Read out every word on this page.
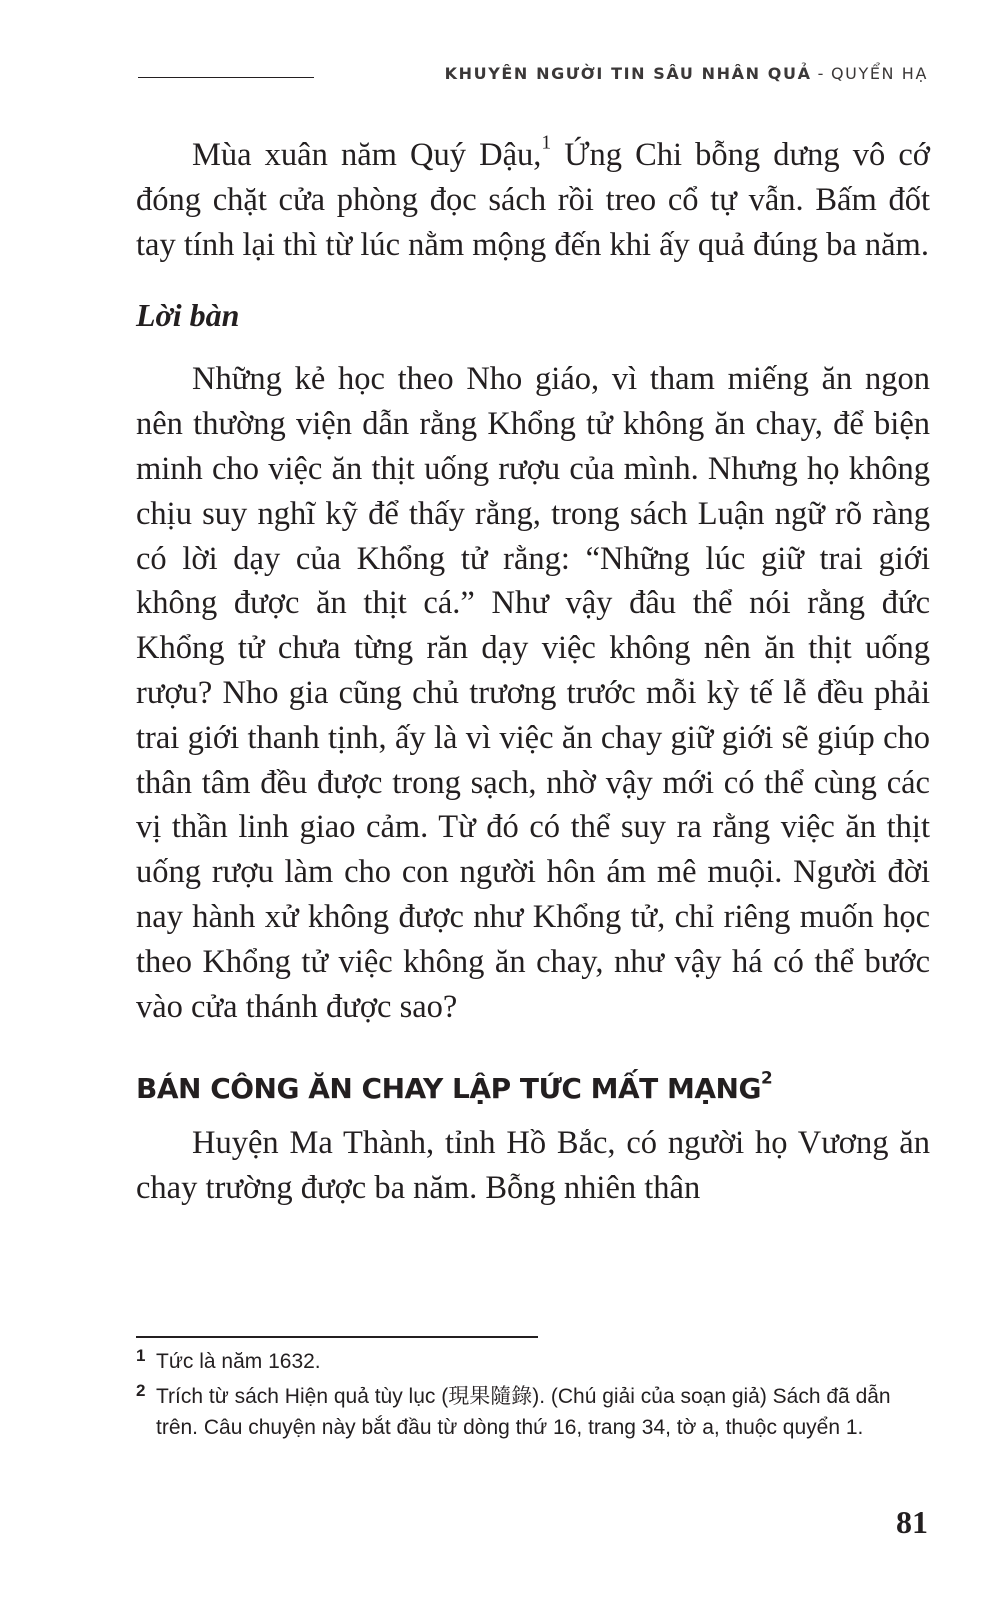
KHUYÊN NGƯỜI TIN SÂU NHÂN QUẢ - QUYỂN HẠ

Mùa xuân năm Quý Dậu,$^1$ Ứng Chi bỗng dưng vô cớ đóng chặt cửa phòng đọc sách rồi treo cổ tự vẫn. Bấm đốt tay tính lại thì từ lúc nằm mộng đến khi ấy quả đúng ba năm.

Lời bàn

Những kẻ học theo Nho giáo, vì tham miếng ăn ngon nên thường viện dẫn rằng Khổng tử không ăn chay, để biện minh cho việc ăn thịt uống rượu của mình. Nhưng họ không chịu suy nghĩ kỹ để thấy rằng, trong sách Luận ngữ rõ ràng có lời dạy của Khổng tử rằng: “Những lúc giữ trai giới không được ăn thịt cá.” Như vậy đâu thể nói rằng đức Khổng tử chưa từng răn dạy việc không nên ăn thịt uống rượu? Nho gia cũng chủ trương trước mỗi kỳ tế lễ đều phải trai giới thanh tịnh, ấy là vì việc ăn chay giữ giới sẽ giúp cho thân tâm đều được trong sạch, nhờ vậy mới có thể cùng các vị thần linh giao cảm. Từ đó có thể suy ra rằng việc ăn thịt uống rượu làm cho con người hôn ám mê muội. Người đời nay hành xử không được như Khổng tử, chỉ riêng muốn học theo Khổng tử việc không ăn chay, như vậy há có thể bước vào cửa thánh được sao?

BÁN CÔNG ĂN CHAY LẬP TỨC MẤT MẠNG$^2$

Huyện Ma Thành, tỉnh Hồ Bắc, có người họ Vương ăn chay trường được ba năm. Bỗng nhiên thân

1 Tức là năm 1632.
2 Trích từ sách Hiện quả tùy lục (現果隨錄). (Chú giải của soạn giả) Sách đã dẫn trên. Câu chuyện này bắt đầu từ dòng thứ 16, trang 34, tờ a, thuộc quyển 1.
81
